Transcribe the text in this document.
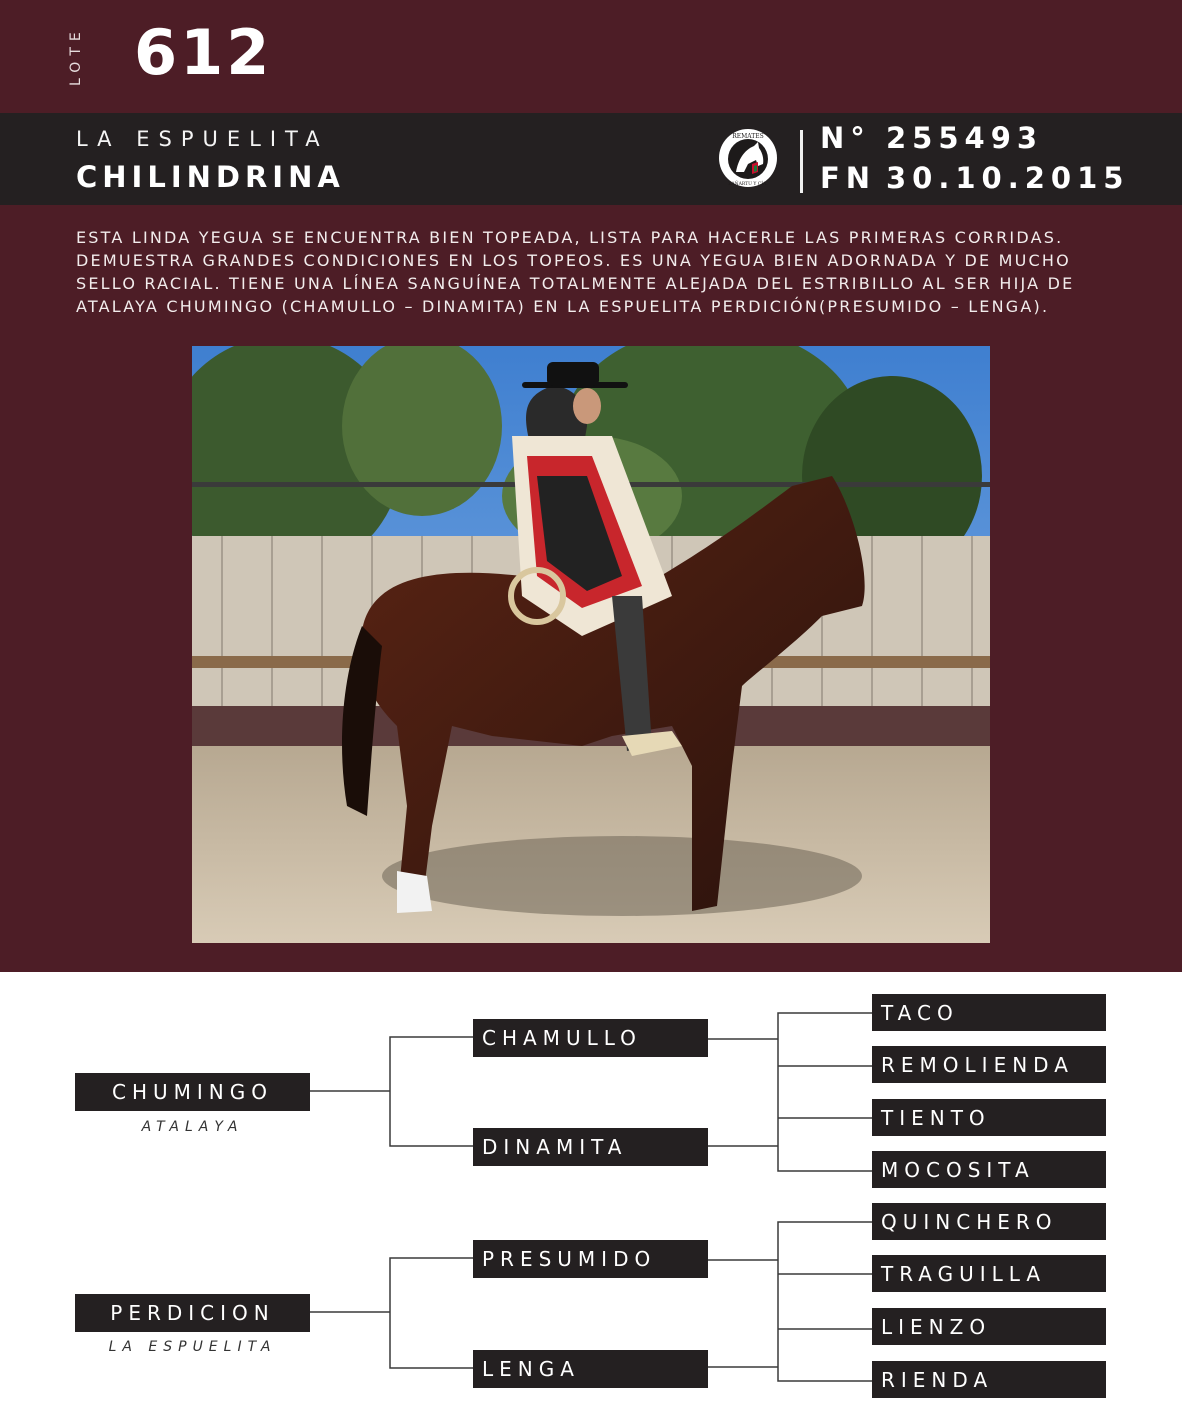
LOTE 612
LA ESPUELITA
CHILINDRINA
REMATES
ZAÑARTU Y CÍA.
N° 255493
FN 30.10.2015
ESTA LINDA YEGUA SE ENCUENTRA BIEN TOPEADA, LISTA PARA HACERLE LAS PRIMERAS CORRIDAS. DEMUESTRA GRANDES CONDICIONES EN LOS TOPEOS. ES UNA YEGUA BIEN ADORNADA Y DE MUCHO SELLO RACIAL. TIENE UNA LÍNEA SANGUÍNEA TOTALMENTE ALEJADA DEL ESTRIBILLO AL SER HIJA DE ATALAYA CHUMINGO (CHAMULLO – DINAMITA) EN LA ESPUELITA PERDICIÓN(PRESUMIDO – LENGA).
CHUMINGO
ATALAYA
PERDICION
LA ESPUELITA
CHAMULLO
DINAMITA
PRESUMIDO
LENGA
TACO
REMOLIENDA
TIENTO
MOCOSITA
QUINCHERO
TRAGUILLA
LIENZO
RIENDA
